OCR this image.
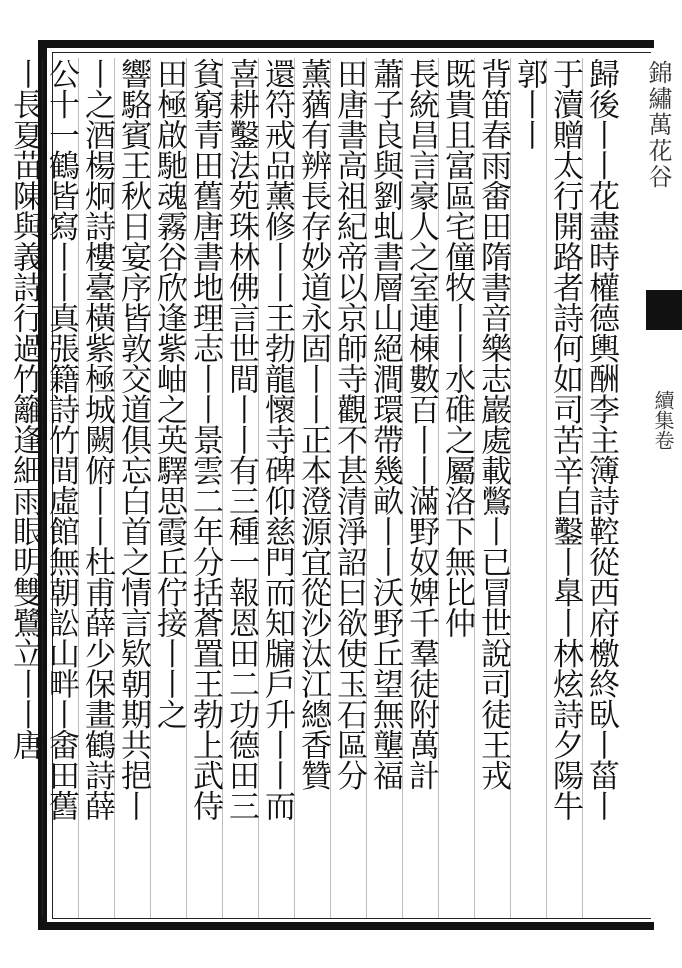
錦繡萬花谷
續集卷
歸後丨丨花盡時權德輿酬李主簿詩鞚從西府檄終臥丨菑丨
于瀆贈太行開路者詩何如司苦辛自鑿丨臯丨林炫詩夕陽牛
郭丨丨
背笛春雨畬田隋書音樂志巖處載鷩丨已冒世說司徒王戎
既貴且富區宅僮牧丨丨水碓之屬洛下無比仲
長統昌言豪人之室連棟數百丨丨滿野奴婢千羣徒附萬計
蕭子良與劉虬書層山絕澗環帶幾畝丨丨沃野丘望無壟福
田唐書高祖紀帝以京師寺觀不甚清淨詔曰欲使玉石區分
薰蕕有辨長存妙道永固丨丨正本澄源宜從沙汰江總香贊
還符戒品薰修丨丨王勃龍懷寺碑仰慈門而知牖戶升丨丨而
喜耕鑿法苑珠林佛言世間丨丨有三種一報恩田二功德田三
貧窮青田舊唐書地理志丨丨景雲二年分括蒼置王勃上武侍
田極啟馳魂霧谷欣逢紫岫之英驛思霞丘佇接丨丨之
響駱賓王秋日宴序皆敦交道俱忘白首之情言欵朝期共挹丨
丨之酒楊炯詩樓臺橫紫極城闕俯丨丨杜甫薛少保畫鶴詩薛
公十一鶴皆寫丨丨真張籍詩竹間虛館無朝訟山畔丨畬田舊
丨長夏苗陳與義詩行過竹籬逢細雨眼明雙鷺立丨丨唐
